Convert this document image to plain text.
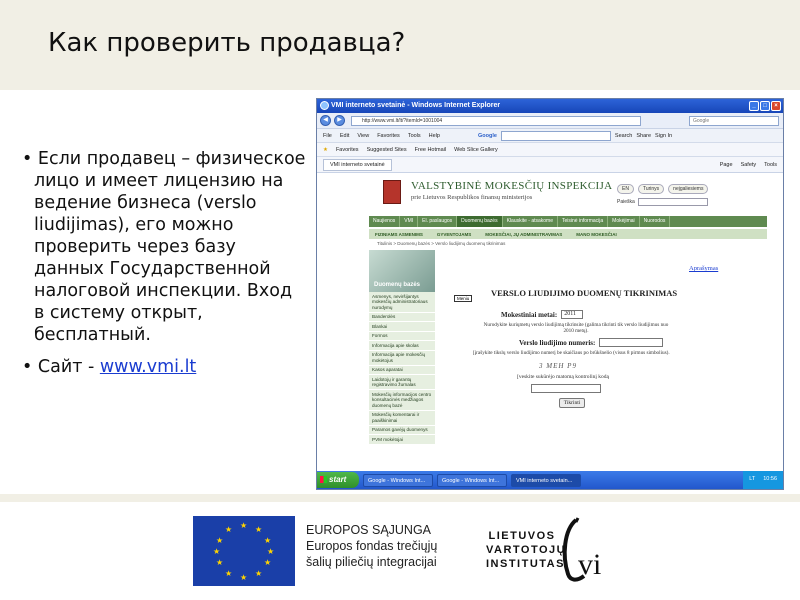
Как проверить продавца?

• Если продавец – физическое лицо и имеет лицензию на ведение бизнеса (verslo liudijimas), его можно проверить через базу данных Государственной налоговой инспекции. Вход в систему открыт, бесплатный.

• Сайт - www.vmi.lt

VMI interneto svetainė - Windows Internet Explorer	_	□	×
◀	▶	http://www.vmi.lt/lt/?itemId=1001004	Google
File Edit View Favorites Tools Help	Google	Search Share Sign In
★ Favorites Suggested Sites Free Hotmail Web Slice Gallery
VMI interneto svetainė	Page Safety Tools
VALSTYBINĖ MOKESČIŲ INSPEKCIJA
prie Lietuvos Respublikos finansų ministerijos
EN	Turinys	neįgaliesiems
Paieška
Naujienos	VMI	El. paslaugos	Duomenų bazės	Klauskite - atsakome	Teisinė informacija	Mokėjimai	Nuorodos
FIZINIAMS ASMENIMS	GYVENTOJAMS	MOKESČIAI, JŲ ADMINISTRAVIMAS	MANO MOKESČIAI
Titulinis > Duomenų bazės > Verslo liudijimų duomenų tikrinimas
Duomenų bazės
Asmenys, neviršijantys mokesčių administratoriaus nurodymų
Banderolės
Blankai
Formos
Informacija apie skolas
Informacija apie mokesčių mokėtojus
Kasos aparatai
Laidotojų ir garantų registravimo žurnalas
Mokesčių informacijos centro konsultacinės medžiagos duomenų bazė
Mokesčių komentarai ir paaiškinimai
Paramos gavėjų duomenys
PVM mokėtojai
Meniu
Aprašymas
VERSLO LIUDIJIMO DUOMENŲ TIKRINIMAS
Mokestiniai metai:	2011
Nurodykite kuriųmetų verslo liudijimą tikrinsite (galima tikrinti tik verslo liudijimus nuo 2010 metų).
Verslo liudijimo numeris:
[įrašykite tikslų verslo liudijimo numerį be skaičiaus po brūkšnelio (visus 8 pirmus simbolius).
3 MEH P9
[veskite sukūrėjo matomą kontrolinį kodą
Tikrinti
start	Google - Windows Int...	Google - Windows Int...	VMI interneto svetain...	LT 10:56
★ ★
★
★
★
★
★
★
★
★
★
★	EUROPOS SĄJUNGA
Europos fondas trečiųjų
šalių piliečių integracijai
LIETUVOS
VARTOTOJŲ
INSTITUTAS vi
